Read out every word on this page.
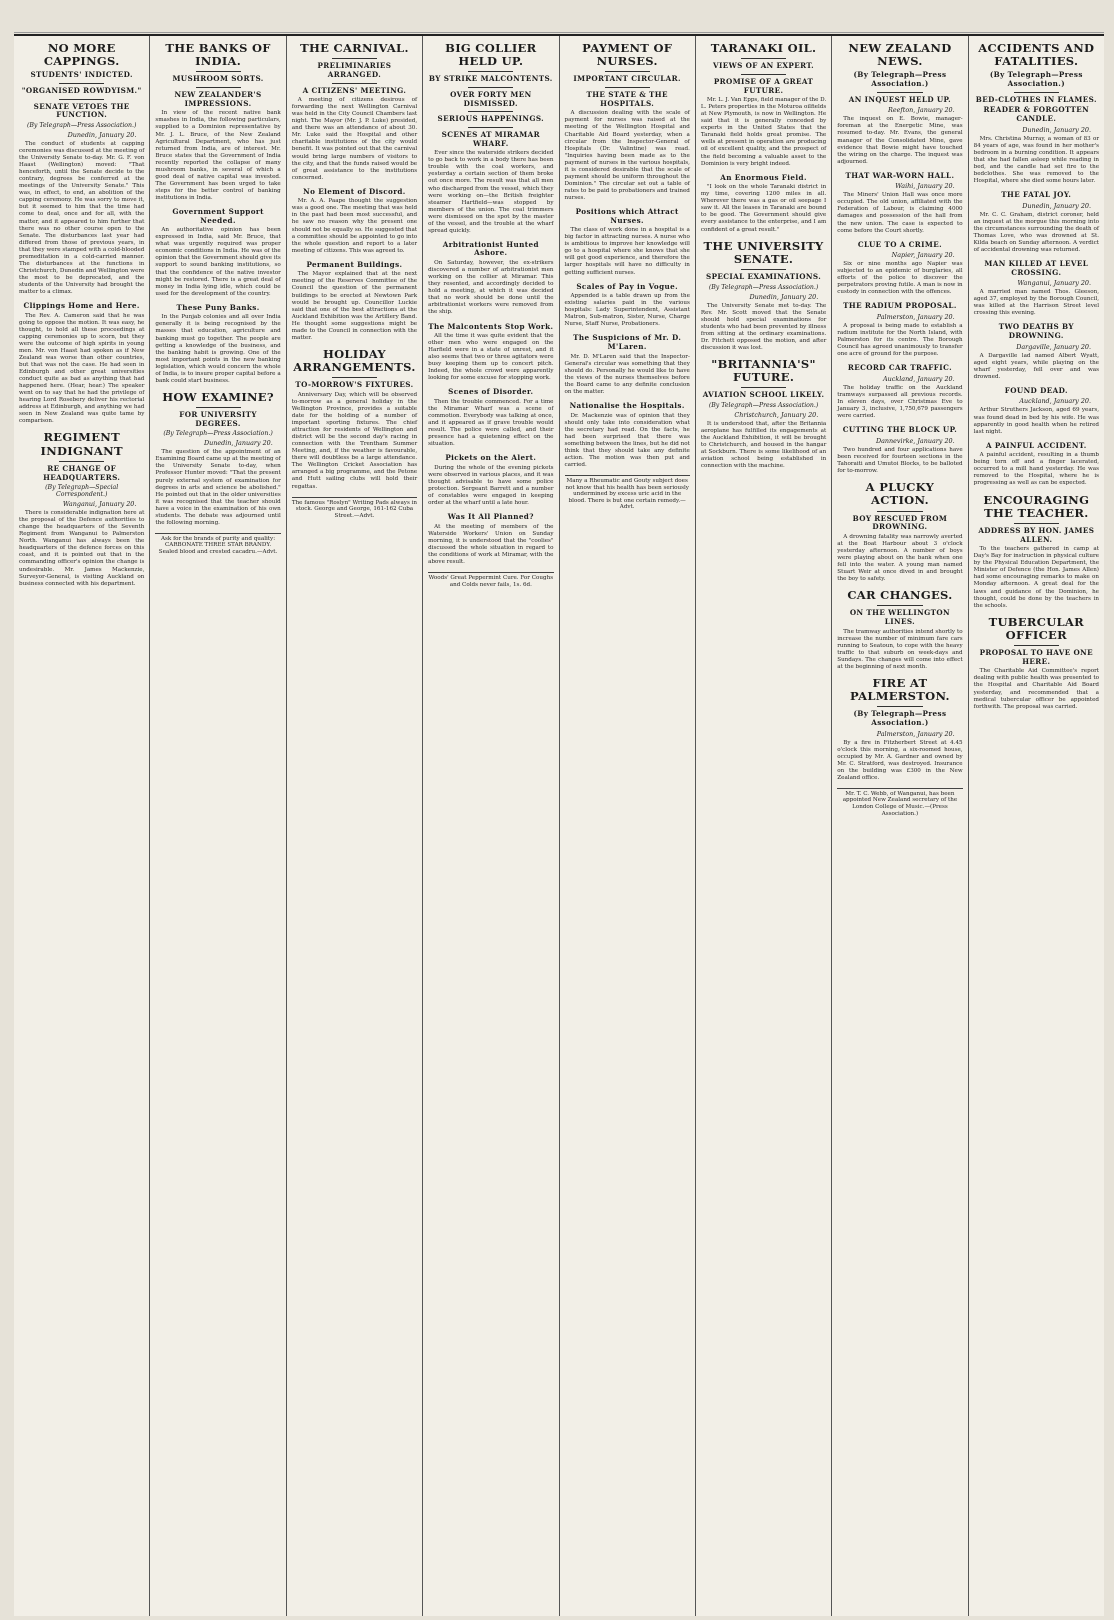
NO MORE CAPPINGS.
STUDENTS' INDICTED.
"ORGANISED ROWDYISM."
SENATE VETOES THE FUNCTION.
(By Telegraph—Press Association.)
Dunedin, January 20.

The conduct of students at capping ceremonies was discussed at the meeting of the University Senate to-day. Mr. G. F. von Haast (Wellington) moved: "That henceforth, until the Senate decide to the contrary, degrees be conferred at the meetings of the University Senate." This was, in effect, to end, an abolition of the capping ceremony. He was sorry to move it, but it seemed to him that the time had come to deal, once and for all, with the matter, and it appeared to him further that there was no other course open to the Senate. The disturbances last year had differed from those of previous years, in that they were stamped with a cold-blooded premeditation in a cold-carried manner. The disturbances at the functions in Christchurch, Dunedin and Wellington were the most to be deprecated, and the students of the University had brought the matter to a climax.

Clippings Home and Here.

The Rev. A. Cameron said that he was going to oppose the motion. It was easy, he thought, to hold all these proceedings at capping ceremonies up to scorn, but they were the outcome of high spirits in young men. Mr. von Haast had spoken as if New Zealand was worse than other countries, but that was not the case. He had seen in Edinburgh and other great universities conduct quite as bad as anything that had happened here. (Hear, hear.) The speaker went on to say that he had the privilege of hearing Lord Rosebery deliver his rectorial address at Edinburgh, and anything we had seen in New Zealand was quite tame by comparison.

REGIMENT INDIGNANT
RE CHANGE OF HEADQUARTERS.
(By Telegraph—Special Correspondent.)
Wanganui, January 20.

There is considerable indignation here at the proposal of the Defence authorities to change the headquarters of the Seventh Regiment from Wanganui to Palmerston North. Wanganui has always been the headquarters of the defence forces on this coast, and it is pointed out that in the commanding officer's opinion the change is undesirable. Mr. James Mackenzie, Surveyor-General, is visiting Auckland on business connected with his department.

THE BANKS OF INDIA.
MUSHROOM SORTS.
NEW ZEALANDER'S IMPRESSIONS.

In view of the recent native bank smashes in India, the following particulars, supplied to a Dominion representative by Mr. J. L. Bruce, of the New Zealand Agricultural Department, who has just returned from India, are of interest. Mr. Bruce states that the Government of India recently reported the collapse of many mushroom banks, in several of which a good deal of native capital was invested. The Government has been urged to take steps for the better control of banking institutions in India.

Government Support Needed.

An authoritative opinion has been expressed in India, said Mr. Bruce, that what was urgently required was proper economic conditions in India. He was of the opinion that the Government should give its support to sound banking institutions, so that the confidence of the native investor might be restored. There is a great deal of money in India lying idle, which could be used for the development of the country.

These Puny Banks.

In the Punjab colonies and all over India generally it is being recognised by the masses that education, agriculture and banking must go together. The people are getting a knowledge of the business, and the banking habit is growing. One of the most important points in the new banking legislation, which would concern the whole of India, is to insure proper capital before a bank could start business.

HOW EXAMINE?
FOR UNIVERSITY DEGREES.
(By Telegraph—Press Association.)
Dunedin, January 20.

The question of the appointment of an Examining Board came up at the meeting of the University Senate to-day, when Professor Hunter moved: "That the present purely external system of examination for degrees in arts and science be abolished." He pointed out that in the older universities it was recognised that the teacher should have a voice in the examination of his own students. The debate was adjourned until the following morning.

Ask for the brands of purity and quality: CARBONATE THREE STAR BRANDY. Sealed blood and crested cacadru.—Advt.
THE CARNIVAL.
PRELIMINARIES ARRANGED.
A CITIZENS' MEETING.

A meeting of citizens desirous of forwarding the next Wellington Carnival was held in the City Council Chambers last night. The Mayor (Mr. J. P. Luke) presided, and there was an attendance of about 30. Mr. Luke said the Hospital and other charitable institutions of the city would benefit. It was pointed out that the carnival would bring large numbers of visitors to the city, and that the funds raised would be of great assistance to the institutions concerned.

No Element of Discord.

Mr. A. A. Paape thought the suggestion was a good one. The meeting that was held in the past had been most successful, and he saw no reason why the present one should not be equally so. He suggested that a committee should be appointed to go into the whole question and report to a later meeting of citizens. This was agreed to.

Permanent Buildings.

The Mayor explained that at the next meeting of the Reserves Committee of the Council the question of the permanent buildings to be erected at Newtown Park would be brought up. Councillor Luckie said that one of the best attractions at the Auckland Exhibition was the Artillery Band. He thought some suggestions might be made to the Council in connection with the matter.

HOLIDAY ARRANGEMENTS.
TO-MORROW'S FIXTURES.

Anniversary Day, which will be observed to-morrow as a general holiday in the Wellington Province, provides a suitable date for the holding of a number of important sporting fixtures. The chief attraction for residents of Wellington and district will be the second day's racing in connection with the Trentham Summer Meeting, and, if the weather is favourable, there will doubtless be a large attendance. The Wellington Cricket Association has arranged a big programme, and the Petone and Hutt sailing clubs will hold their regattas.

The famous "Roslyn" Writing Pads always in stock. George and George, 161-162 Cuba Street.—Advt.
BIG COLLIER HELD UP.
BY STRIKE MALCONTENTS.
OVER FORTY MEN DISMISSED.
SERIOUS HAPPENINGS.
SCENES AT MIRAMAR WHARF.

Ever since the waterside strikers decided to go back to work in a body there has been trouble with the coal workers, and yesterday a certain section of them broke out once more. The result was that all men who discharged from the vessel, which they were working on—the British freighter steamer Hartfield—was stopped by members of the union. The coal trimmers were dismissed on the spot by the master of the vessel, and the trouble at the wharf spread quickly.

Arbitrationist Hunted Ashore.

On Saturday, however, the ex-strikers discovered a number of arbitrationist men working on the collier at Miramar. This they resented, and accordingly decided to hold a meeting, at which it was decided that no work should be done until the arbitrationist workers were removed from the ship.

The Malcontents Stop Work.

All the time it was quite evident that the other men who were engaged on the Harfield were in a state of unrest, and it also seems that two or three agitators were busy keeping them up to concert pitch. Indeed, the whole crowd were apparently looking for some excuse for stopping work.

Scenes of Disorder.

Then the trouble commenced. For a time the Miramar Wharf was a scene of commotion. Everybody was talking at once, and it appeared as if grave trouble would result. The police were called, and their presence had a quietening effect on the situation.

Pickets on the Alert.

During the whole of the evening pickets were observed in various places, and it was thought advisable to have some police protection. Sergeant Barrett and a number of constables were engaged in keeping order at the wharf until a late hour.

Was It All Planned?

At the meeting of members of the Waterside Workers' Union on Sunday morning, it is understood that the "coolies" discussed the whole situation in regard to the conditions of work at Miramar, with the above result.

Woods' Great Peppermint Cure. For Coughs and Colds never fails, 1s. 6d.
PAYMENT OF NURSES.
IMPORTANT CIRCULAR.
THE STATE & THE HOSPITALS.

A discussion dealing with the scale of payment for nurses was raised at the meeting of the Wellington Hospital and Charitable Aid Board yesterday, when a circular from the Inspector-General of Hospitals (Dr. Valintine) was read. "Inquiries having been made as to the payment of nurses in the various hospitals, it is considered desirable that the scale of payment should be uniform throughout the Dominion." The circular set out a table of rates to be paid to probationers and trained nurses.

Positions which Attract Nurses.

The class of work done in a hospital is a big factor in attracting nurses. A nurse who is ambitious to improve her knowledge will go to a hospital where she knows that she will get good experience, and therefore the larger hospitals will have no difficulty in getting sufficient nurses.

Scales of Pay in Vogue.

Appended is a table drawn up from the existing salaries paid in the various hospitals: Lady Superintendent, Assistant Matron, Sub-matron, Sister, Nurse, Charge Nurse, Staff Nurse, Probationers.

The Suspicions of Mr. D. M'Laren.

Mr. D. M'Laren said that the Inspector-General's circular was something that they should do. Personally he would like to have the views of the nurses themselves before the Board came to any definite conclusion on the matter.

Nationalise the Hospitals.

Dr. Mackenzie was of opinion that they should only take into consideration what the secretary had read. On the facts, he had been surprised that there was something between the lines, but he did not think that they should take any definite action. The motion was then put and carried.

Many a Rheumatic and Gouty subject does not know that his health has been seriously undermined by excess uric acid in the blood. There is but one certain remedy.—Advt.
TARANAKI OIL.
VIEWS OF AN EXPERT.
PROMISE OF A GREAT FUTURE.

Mr. L. J. Van Epps, field manager of the D. L. Peters properties in the Moturoa oilfields at New Plymouth, is now in Wellington. He said that it is generally conceded by experts in the United States that the Taranaki field holds great promise. The wells at present in operation are producing oil of excellent quality, and the prospect of the field becoming a valuable asset to the Dominion is very bright indeed.

An Enormous Field.

"I look on the whole Taranaki district in my time, covering 1200 miles in all. Wherever there was a gas or oil seepage I saw it. All the leases in Taranaki are bound to be good. The Government should give every assistance to the enterprise, and I am confident of a great result."

THE UNIVERSITY SENATE.
SPECIAL EXAMINATIONS.
(By Telegraph—Press Association.)
Dunedin, January 20.

The University Senate met to-day. The Rev. Mr. Scott moved that the Senate should hold special examinations for students who had been prevented by illness from sitting at the ordinary examinations. Dr. Fitchett opposed the motion, and after discussion it was lost.

"BRITANNIA'S" FUTURE.
AVIATION SCHOOL LIKELY.
(By Telegraph—Press Association.)
Christchurch, January 20.

It is understood that, after the Britannia aeroplane has fulfilled its engagements at the Auckland Exhibition, it will be brought to Christchurch, and housed in the hangar at Sockburn. There is some likelihood of an aviation school being established in connection with the machine.

NEW ZEALAND NEWS.
(By Telegraph—Press Association.)
AN INQUEST HELD UP.
Reefton, January 20.

The inquest on E. Bowie, manager-foreman at the Energetic Mine, was resumed to-day. Mr. Evans, the general manager of the Consolidated Mine, gave evidence that Bowie might have touched the wiring on the charge. The inquest was adjourned.

THAT WAR-WORN HALL.
Waihi, January 20.

The Miners' Union Hall was once more occupied. The old union, affiliated with the Federation of Labour, is claiming 4000 damages and possession of the hall from the new union. The case is expected to come before the Court shortly.

CLUE TO A CRIME.
Napier, January 20.

Six or nine months ago Napier was subjected to an epidemic of burglaries, all efforts of the police to discover the perpetrators proving futile. A man is now in custody in connection with the offences.

THE RADIUM PROPOSAL.
Palmerston, January 20.

A proposal is being made to establish a radium institute for the North Island, with Palmerston for its centre. The Borough Council has agreed unanimously to transfer one acre of ground for the purpose.

RECORD CAR TRAFFIC.
Auckland, January 20.

The holiday traffic on the Auckland tramways surpassed all previous records. In eleven days, over Christmas Eve to January 3, inclusive, 1,750,679 passengers were carried.

CUTTING THE BLOCK UP.
Dannevirke, January 20.

Two hundred and four applications have been received for fourteen sections in the Tahoraiti and Umutoi Blocks, to be balloted for to-morrow.

A PLUCKY ACTION.
BOY RESCUED FROM DROWNING.

A drowning fatality was narrowly averted at the Boat Harbour about 3 o'clock yesterday afternoon. A number of boys were playing about on the bank when one fell into the water. A young man named Stuart Weir at once dived in and brought the boy to safety.

CAR CHANGES.
ON THE WELLINGTON LINES.

The tramway authorities intend shortly to increase the number of minimum fare cars running to Seatoun, to cope with the heavy traffic to that suburb on week-days and Sundays. The changes will come into effect at the beginning of next month.

FIRE AT PALMERSTON.
(By Telegraph—Press Association.)
Palmerston, January 20.

By a fire in Fitzherbert Street at 4.45 o'clock this morning, a six-roomed house, occupied by Mr. A. Gardner and owned by Mr. C. Stratford, was destroyed. Insurance on the building was £300 in the New Zealand office.

Mr. T. C. Webb, of Wanganui, has been appointed New Zealand secretary of the London College of Music.—(Press Association.)
ACCIDENTS AND FATALITIES.
(By Telegraph—Press Association.)
BED-CLOTHES IN FLAMES.
READER & FORGOTTEN CANDLE.
Dunedin, January 20.

Mrs. Christina Murray, a woman of 83 or 84 years of age, was found in her mother's bedroom in a burning condition. It appears that she had fallen asleep while reading in bed, and the candle had set fire to the bedclothes. She was removed to the Hospital, where she died some hours later.

THE FATAL JOY.
Dunedin, January 20.

Mr. C. C. Graham, district coroner, held an inquest at the morgue this morning into the circumstances surrounding the death of Thomas Love, who was drowned at St. Kilda beach on Sunday afternoon. A verdict of accidental drowning was returned.

MAN KILLED AT LEVEL CROSSING.
Wanganui, January 20.

A married man named Thos. Gleeson, aged 37, employed by the Borough Council, was killed at the Harrison Street level crossing this evening.

TWO DEATHS BY DROWNING.
Dargaville, January 20.

A Dargaville lad named Albert Wyatt, aged eight years, while playing on the wharf yesterday, fell over and was drowned.

FOUND DEAD.
Auckland, January 20.

Arthur Struthers Jackson, aged 69 years, was found dead in bed by his wife. He was apparently in good health when he retired last night.

A PAINFUL ACCIDENT.

A painful accident, resulting in a thumb being torn off and a finger lacerated, occurred to a mill hand yesterday. He was removed to the Hospital, where he is progressing as well as can be expected.

ENCOURAGING THE TEACHER.
ADDRESS BY HON. JAMES ALLEN.

To the teachers gathered in camp at Day's Bay for instruction in physical culture by the Physical Education Department, the Minister of Defence (the Hon. James Allen) had some encouraging remarks to make on Monday afternoon. A great deal for the laws and guidance of the Dominion, he thought, could be done by the teachers in the schools.

TUBERCULAR OFFICER
PROPOSAL TO HAVE ONE HERE.

The Charitable Aid Committee's report dealing with public health was presented to the Hospital and Charitable Aid Board yesterday, and recommended that a medical tubercular officer be appointed forthwith. The proposal was carried.
